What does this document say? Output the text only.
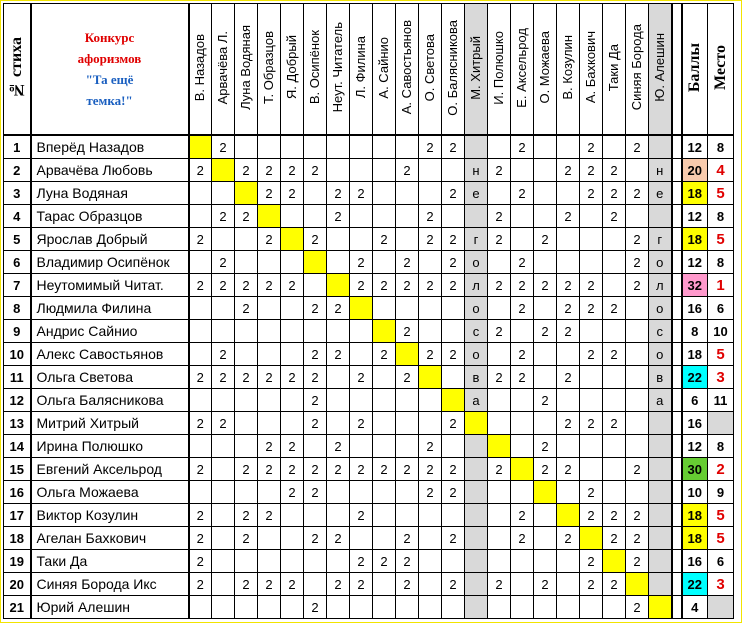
№ стиха	Конкурс
афоризмов
"Та ещё
темка!"	В. Назадов	Арвачёва Л.	Луна Водяная	Т. Образцов	Я. Добрый	В. Осипёнок	Неут. Читатель	Л. Филина	А. Сайнио	А. Савостьянов	О. Светова	О. Балясникова	М. Хитрый	И. Полюшко	Е. Аксельрод	О. Можаева	В. Козулин	А. Бахкович	Таки Да	Синяя Борода	Ю. Алешин		Баллы	Место
1	Вперёд Назадов		2									2	2			2			2		2			12	8
2	Арвачёва Любовь	2		2	2	2	2				2			н	2			2	2	2		н		20	4
3	Луна Водяная				2	2		2	2				2	е		2			2	2	2	е		18	5
4	Тарас Образцов		2	2				2				2			2			2		2				12	8
5	Ярослав Добрый	2			2		2			2		2	2	г	2		2				2	г		18	5
6	Владимир Осипёнок		2						2		2		2	о		2					2	о		12	8
7	Неутомимый Читат.	2	2	2	2	2			2	2	2	2	2	л	2	2	2	2	2		2	л		32	1
8	Людмила Филина			2			2	2						о		2		2	2	2		о		16	6
9	Андрис Сайнио										2			с	2		2	2				с		8	10
10	Алекс Савостьянов		2				2	2		2		2	2	о		2			2	2		о		18	5
11	Ольга Светова	2	2	2	2	2	2		2		2			в	2	2		2				в		22	3
12	Ольга Балясникова						2							а			2					а		6	11
13	Митрий Хитрый	2	2				2		2				2					2	2	2				16	
14	Ирина Полюшко				2	2		2				2					2							12	8
15	Евгений Аксельрод	2		2	2	2	2	2	2	2	2	2	2		2		2	2			2			30	2
16	Ольга Можаева					2	2					2	2						2					10	9
17	Виктор Козулин	2		2	2				2							2			2	2	2			18	5
18	Агелан Бахкович	2		2			2	2			2		2			2		2		2	2			18	5
19	Таки Да	2							2	2	2								2		2			16	6
20	Синяя Борода Икс	2		2	2	2		2	2		2		2		2		2		2	2				22	3
21	Юрий Алешин						2														2			4	
